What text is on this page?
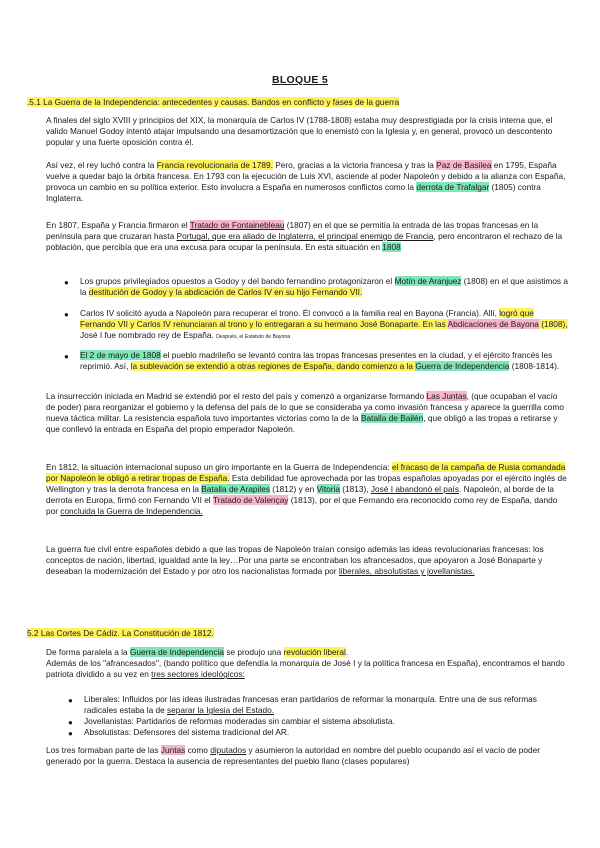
BLOQUE 5
.5.1 La Guerra de la Independencia: antecedentes y causas. Bandos en conflicto y fases de la guerra
A finales del siglo XVIII y principios del XIX, la monarquía de Carlos IV (1788-1808) estaba muy desprestigiada por la crisis interna que, el valido Manuel Godoy intentó atajar impulsando una desamortización que lo enemistó con la Iglesia y, en general, provocó un descontento popular y una fuerte oposición contra él.
Así vez, el rey luchó contra la Francia revolucionaria de 1789. Pero, gracias a la victoria francesa y tras la Paz de Basilea en 1795, España vuelve a quedar bajo la órbita francesa. En 1793 con la ejecución de Luis XVI, asciende al poder Napoleón y debido a la alianza con España, provoca un cambio en su política exterior. Esto involucra a España en numerosos conflictos como la derrota de Trafalgar (1805) contra Inglaterra.
En 1807, España y Francia firmaron el Tratado de Fontainebleau (1807) en el que se permitía la entrada de las tropas francesas en la península para que cruzaran hasta Portugal, que era aliado de Inglaterra, el principal enemigo de Francia, pero encontraron el rechazo de la población, que percibía que era una excusa para ocupar la península. En esta situación en 1808
● Los grupos privilegiados opuestos a Godoy y del bando fernandino protagonizaron el Motín de Aranjuez (1808) en el que asistimos a la destitución de Godoy y la abdicación de Carlos IV en su hijo Fernando VII.
● Carlos IV solicitó ayuda a Napoleón para recuperar el trono. Él convocó a la familia real en Bayona (Francia). Allí, logró que Fernando VII y Carlos IV renunciaran al trono y lo entregaran a su hermano José Bonaparte. En las Abdicaciones de Bayona (1808), José I fue nombrado rey de España. Después, el Estatuto de Bayona
● El 2 de mayo de 1808 el pueblo madrileño se levantó contra las tropas francesas presentes en la ciudad, y el ejército francés les reprimió. Así, la sublevación se extendió a otras regiones de España, dando comienzo a la Guerra de Independencia (1808-1814).
La insurrección iniciada en Madrid se extendió por el resto del país y comenzó a organizarse formando Las Juntas, (que ocupaban el vacío de poder) para reorganizar el gobierno y la defensa del país de lo que se consideraba ya como invasión francesa y aparece la guerrilla como nueva táctica militar. La resistencia española tuvo importantes victorias como la de la Batalla de Bailén, que obligó a las tropas a retirarse y que conllevó la entrada en España del propio emperador Napoleón.
En 1812, la situación internacional supuso un giro importante en la Guerra de Independencia: el fracaso de la campaña de Rusia comandada por Napoleón le obligó a retirar tropas de España. Esta debilidad fue aprovechada por las tropas españolas apoyadas por el ejército inglés de Wellington y tras la derrota francesa en la Batalla de Arapiles (1812) y en Vitoria (1813), José I abandonó el país. Napoleón, al borde de la derrota en Europa, firmó con Fernando VII el Tratado de Valençay (1813), por el que Fernando era reconocido como rey de España, dando por concluida la Guerra de Independencia.
La guerra fue civil entre españoles debido a que las tropas de Napoleón traían consigo además las ideas revolucionarias francesas: los conceptos de nación, libertad, igualdad ante la ley…Por una parte se encontraban los afrancesados, que apoyaron a José Bonaparte y deseaban la modernización del Estado y por otro los nacionalistas formada por liberales, absolutistas y jovellanistas.
5.2 Las Cortes De Cádiz. La Constitución de 1812.
De forma paralela a la Guerra de Independencia se produjo una revolución liberal.
Además de los "afrancesados", (bando político que defendía la monarquía de José I y la política francesa en España), encontramos el bando patriota dividido a su vez en tres sectores ideológicos:
● Liberales: Influidos por las ideas ilustradas francesas eran partidarios de reformar la monarquía. Entre una de sus reformas radicales estaba la de separar la Iglesia del Estado.
● Jovellanistas: Partidarios de reformas moderadas sin cambiar el sistema absolutista.
● Absolutistas: Defensores del sistema tradicional del AR.
Los tres formaban parte de las Juntas como diputados y asumieron la autoridad en nombre del pueblo ocupando así el vacío de poder generado por la guerra. Destaca la ausencia de representantes del pueblo llano (clases populares)
